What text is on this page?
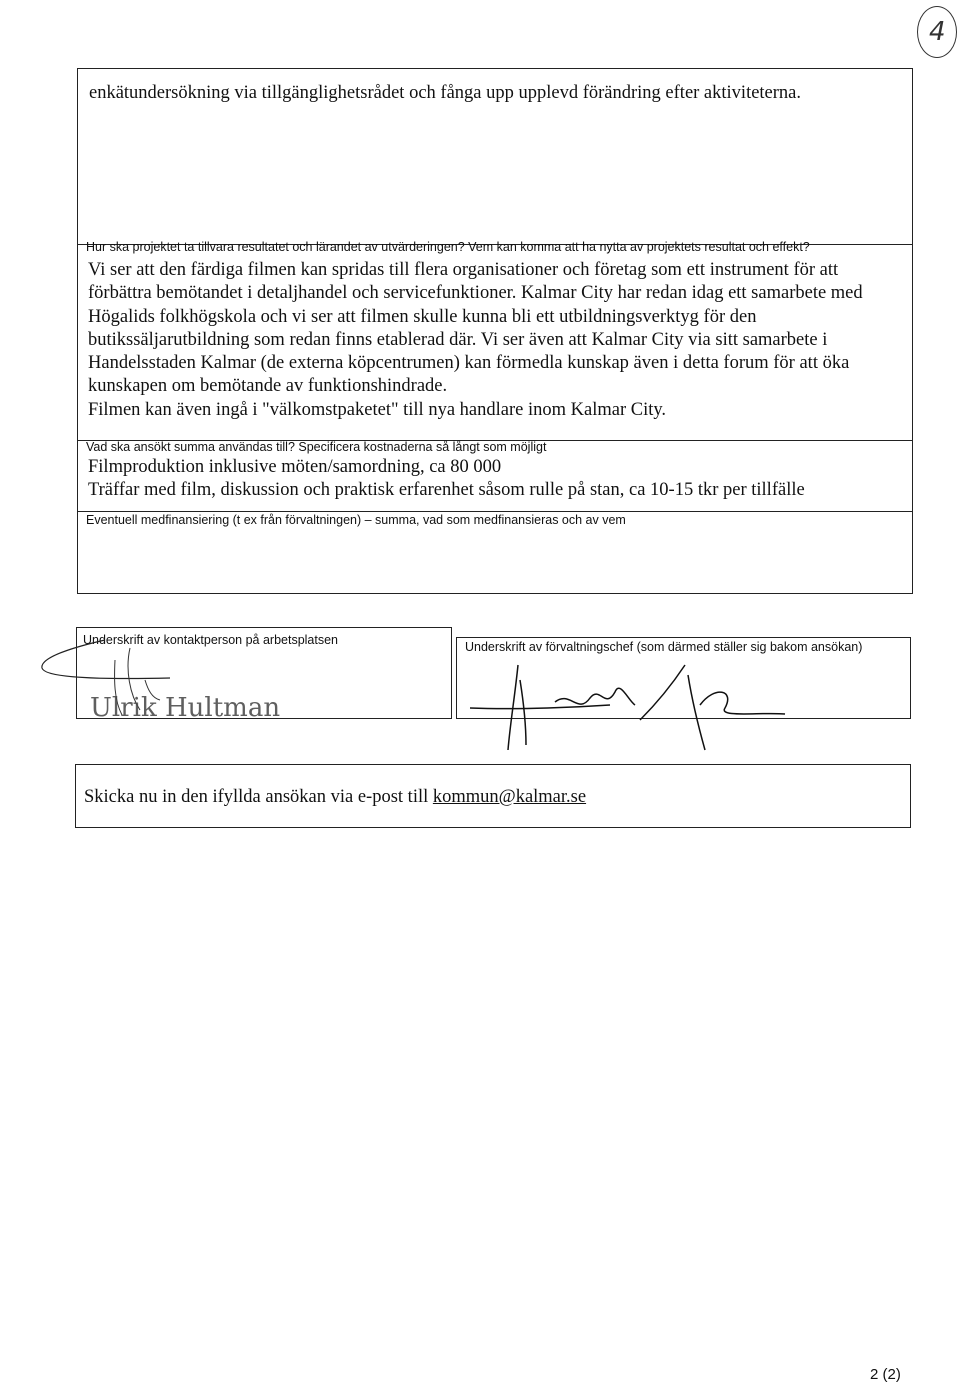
4
enkätundersökning via tillgänglighetsrådet och fånga upp upplevd förändring efter aktiviteterna.
Hur ska projektet ta tillvara resultatet och lärandet av utvärderingen? Vem kan komma att ha nytta av projektets resultat och effekt?
Vi ser att den färdiga filmen kan spridas till flera organisationer och företag som ett instrument för att
förbättra bemötandet i detaljhandel och servicefunktioner. Kalmar City har redan idag ett samarbete med
Högalids folkhögskola och vi ser att filmen skulle kunna bli ett utbildningsverktyg för den
butikssäljarutbildning som redan finns etablerad där. Vi ser även att Kalmar City via sitt samarbete i
Handelsstaden Kalmar (de externa köpcentrumen) kan förmedla kunskap även i detta forum för att öka
kunskapen om bemötande av funktionshindrade.
Filmen kan även ingå i "välkomstpaketet" till nya handlare inom Kalmar City.
Vad ska ansökt summa användas till? Specificera kostnaderna så långt som möjligt
Filmproduktion inklusive möten/samordning, ca 80 000
Träffar med film, diskussion och praktisk erfarenhet såsom rulle på stan, ca 10-15 tkr per tillfälle
Eventuell medfinansiering (t ex från förvaltningen) – summa, vad som medfinansieras och av vem
Underskrift av kontaktperson på arbetsplatsen	Underskrift av förvaltningschef (som därmed ställer sig bakom ansökan)
Ulrik Hultman
Skicka nu in den ifyllda ansökan via e-post till kommun@kalmar.se
2 (2)
